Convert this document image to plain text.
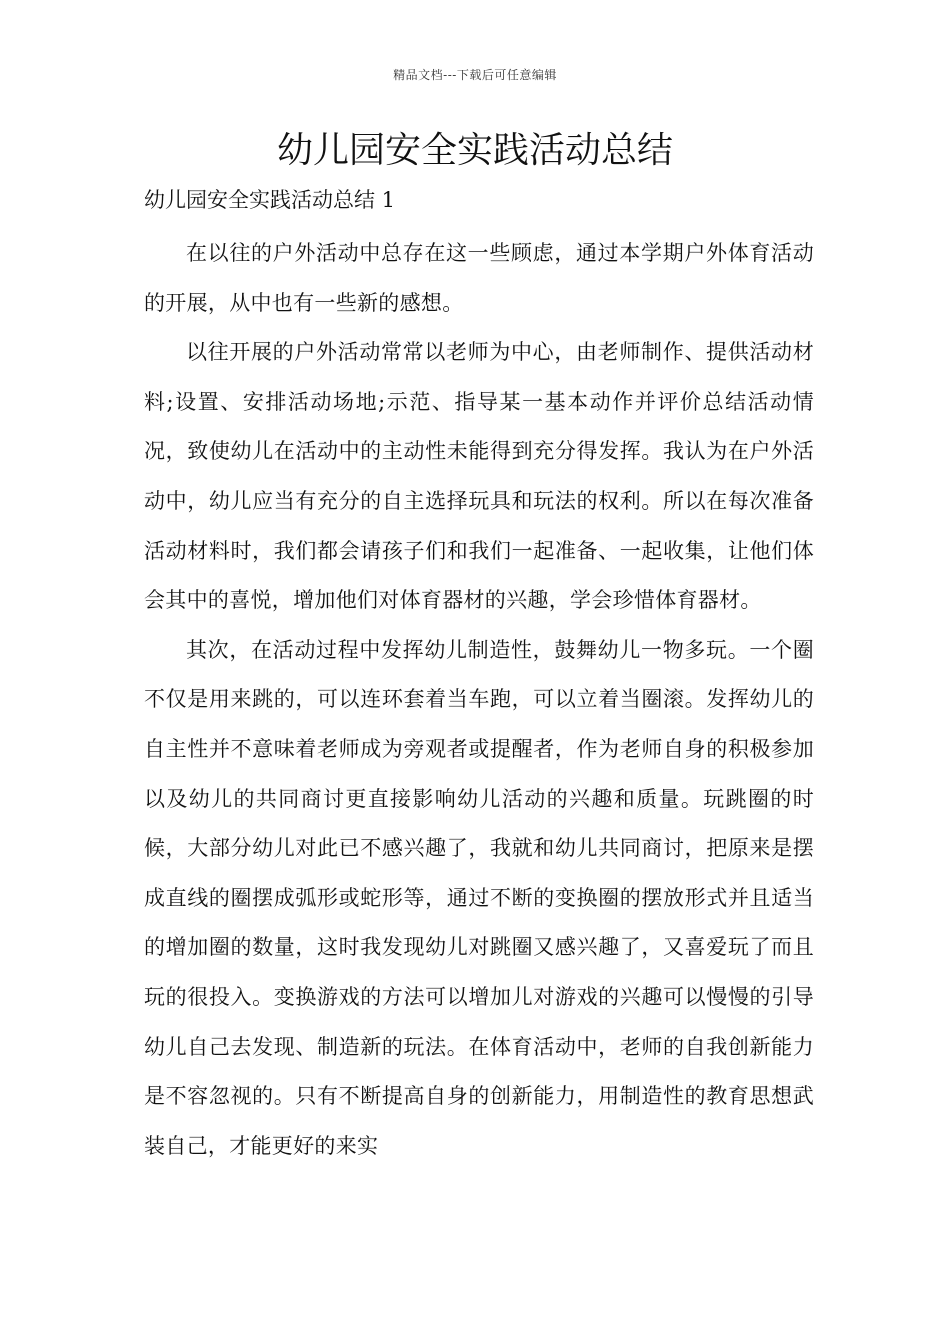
精品文档---下载后可任意编辑
幼儿园安全实践活动总结

幼儿园安全实践活动总结 1

在以往的户外活动中总存在这一些顾虑，通过本学期户外体育活动的开展，从中也有一些新的感想。

以往开展的户外活动常常以老师为中心，由老师制作、提供活动材料;设置、安排活动场地;示范、指导某一基本动作并评价总结活动情况，致使幼儿在活动中的主动性未能得到充分得发挥。我认为在户外活动中，幼儿应当有充分的自主选择玩具和玩法的权利。所以在每次准备活动材料时，我们都会请孩子们和我们一起准备、一起收集，让他们体会其中的喜悦，增加他们对体育器材的兴趣，学会珍惜体育器材。

其次，在活动过程中发挥幼儿制造性，鼓舞幼儿一物多玩。一个圈不仅是用来跳的，可以连环套着当车跑，可以立着当圈滚。发挥幼儿的自主性并不意味着老师成为旁观者或提醒者，作为老师自身的积极参加以及幼儿的共同商讨更直接影响幼儿活动的兴趣和质量。玩跳圈的时候，大部分幼儿对此已不感兴趣了，我就和幼儿共同商讨，把原来是摆成直线的圈摆成弧形或蛇形等，通过不断的变换圈的摆放形式并且适当的增加圈的数量，这时我发现幼儿对跳圈又感兴趣了，又喜爱玩了而且玩的很投入。变换游戏的方法可以增加儿对游戏的兴趣可以慢慢的引导幼儿自己去发现、制造新的玩法。在体育活动中，老师的自我创新能力是不容忽视的。只有不断提高自身的创新能力，用制造性的教育思想武装自己，才能更好的来实
